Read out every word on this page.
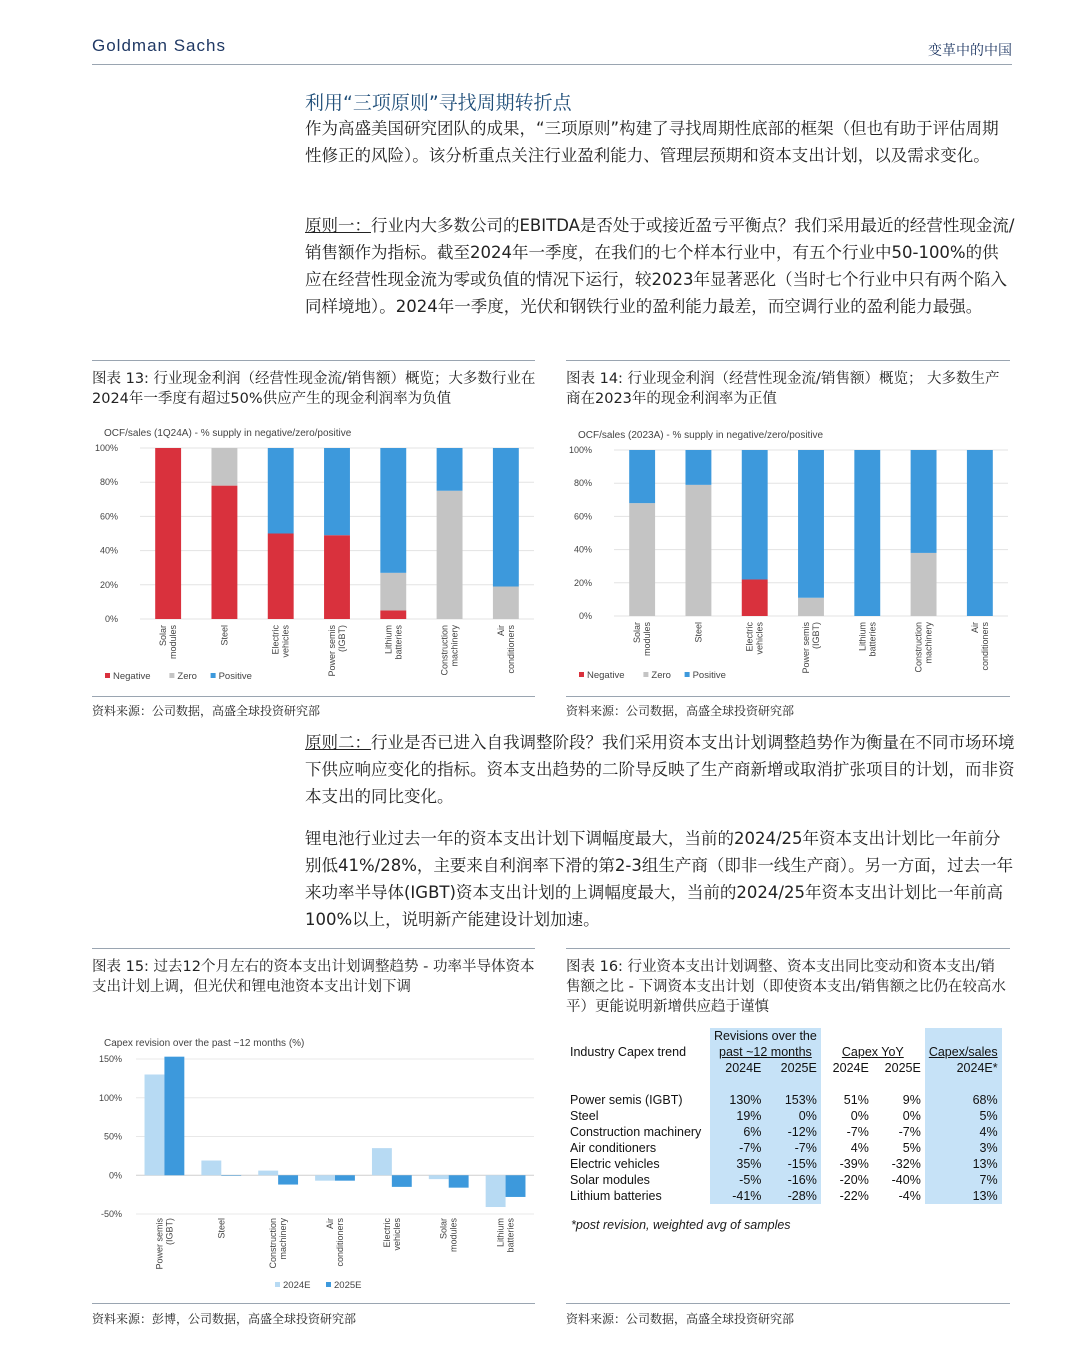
Goldman Sachs	变革中的中国
利用“三项原则”寻找周期转折点
作为高盛美国研究团队的成果，“三项原则”构建了寻找周期性底部的框架（但也有助于评估周期性修正的风险）。该分析重点关注行业盈利能力、管理层预期和资本支出计划，以及需求变化。
原则一：行业内大多数公司的EBITDA是否处于或接近盈亏平衡点？我们采用最近的经营性现金流/销售额作为指标。截至2024年一季度，在我们的七个样本行业中，有五个行业中50-100%的供应在经营性现金流为零或负值的情况下运行，较2023年显著恶化（当时七个行业中只有两个陷入同样境地）。2024年一季度，光伏和钢铁行业的盈利能力最差，而空调行业的盈利能力最强。
图表 13: 行业现金利润（经营性现金流/销售额）概览；大多数行业在2024年一季度有超过50%供应产生的现金利润率为负值
OCF/sales (1Q24A) - % supply in negative/zero/positive
0%
20%
40%
60%
80%
100%
Solar modules	Steel	Electric vehicles	Power semis (IGBT)	Lithium batteries	Construction machinery	Air conditioners
Negative	Zero Positive
资料来源：公司数据，高盛全球投资研究部
图表 14: 行业现金利润（经营性现金流/销售额）概览； 大多数生产商在2023年的现金利润率为正值
OCF/sales (2023A) - % supply in negative/zero/positive
0%
20%
40%
60%
80%
100%
Solar modules	Steel	Electric vehicles	Power semis (IGBT)	Lithium batteries	Construction machinery	Air conditioners
Negative	Zero Positive
资料来源：公司数据，高盛全球投资研究部
原则二：行业是否已进入自我调整阶段？我们采用资本支出计划调整趋势作为衡量在不同市场环境下供应响应变化的指标。资本支出趋势的二阶导反映了生产商新增或取消扩张项目的计划，而非资本支出的同比变化。
锂电池行业过去一年的资本支出计划下调幅度最大，当前的2024/25年资本支出计划比一年前分别低41%/28%，主要来自利润率下滑的第2-3组生产商（即非一线生产商）。另一方面，过去一年来功率半导体(IGBT)资本支出计划的上调幅度最大，当前的2024/25年资本支出计划比一年前高100%以上，说明新产能建设计划加速。
图表 15: 过去12个月左右的资本支出计划调整趋势 - 功率半导体资本支出计划上调，但光伏和锂电池资本支出计划下调
Capex revision over the past ~12 months (%)
-50%
0%
50%
100%
150%
Power semis (IGBT)	Steel	Construction machinery	Air conditioners	Electric vehicles	Solar modules	Lithium batteries
2024E 2025E
资料来源：彭博，公司数据，高盛全球投资研究部
图表 16: 行业资本支出计划调整、资本支出同比变动和资本支出/销售额之比 - 下调资本支出计划（即使资本支出/销售额之比仍在较高水平）更能说明新增供应趋于谨慎
	Revisions over the				
Industry Capex trend	past ~12 months		Capex YoY		Capex/sales
	2024E	2025E	2024E	2025E	2024E*

Power semis (IGBT)	130%	153%	51%	9%	68%
Steel	19%	0%	0%	0%	5%
Construction machinery	6%	-12%	-7%	-7%	4%
Air conditioners	-7%	-7%	4%	5%	3%
Electric vehicles	35%	-15%	-39%	-32%	13%
Solar modules	-5%	-16%	-20%	-40%	7%
Lithium batteries	-41%	-28%	-22%	-4%	13%
*post revision, weighted avg of samples
资料来源：公司数据，高盛全球投资研究部
